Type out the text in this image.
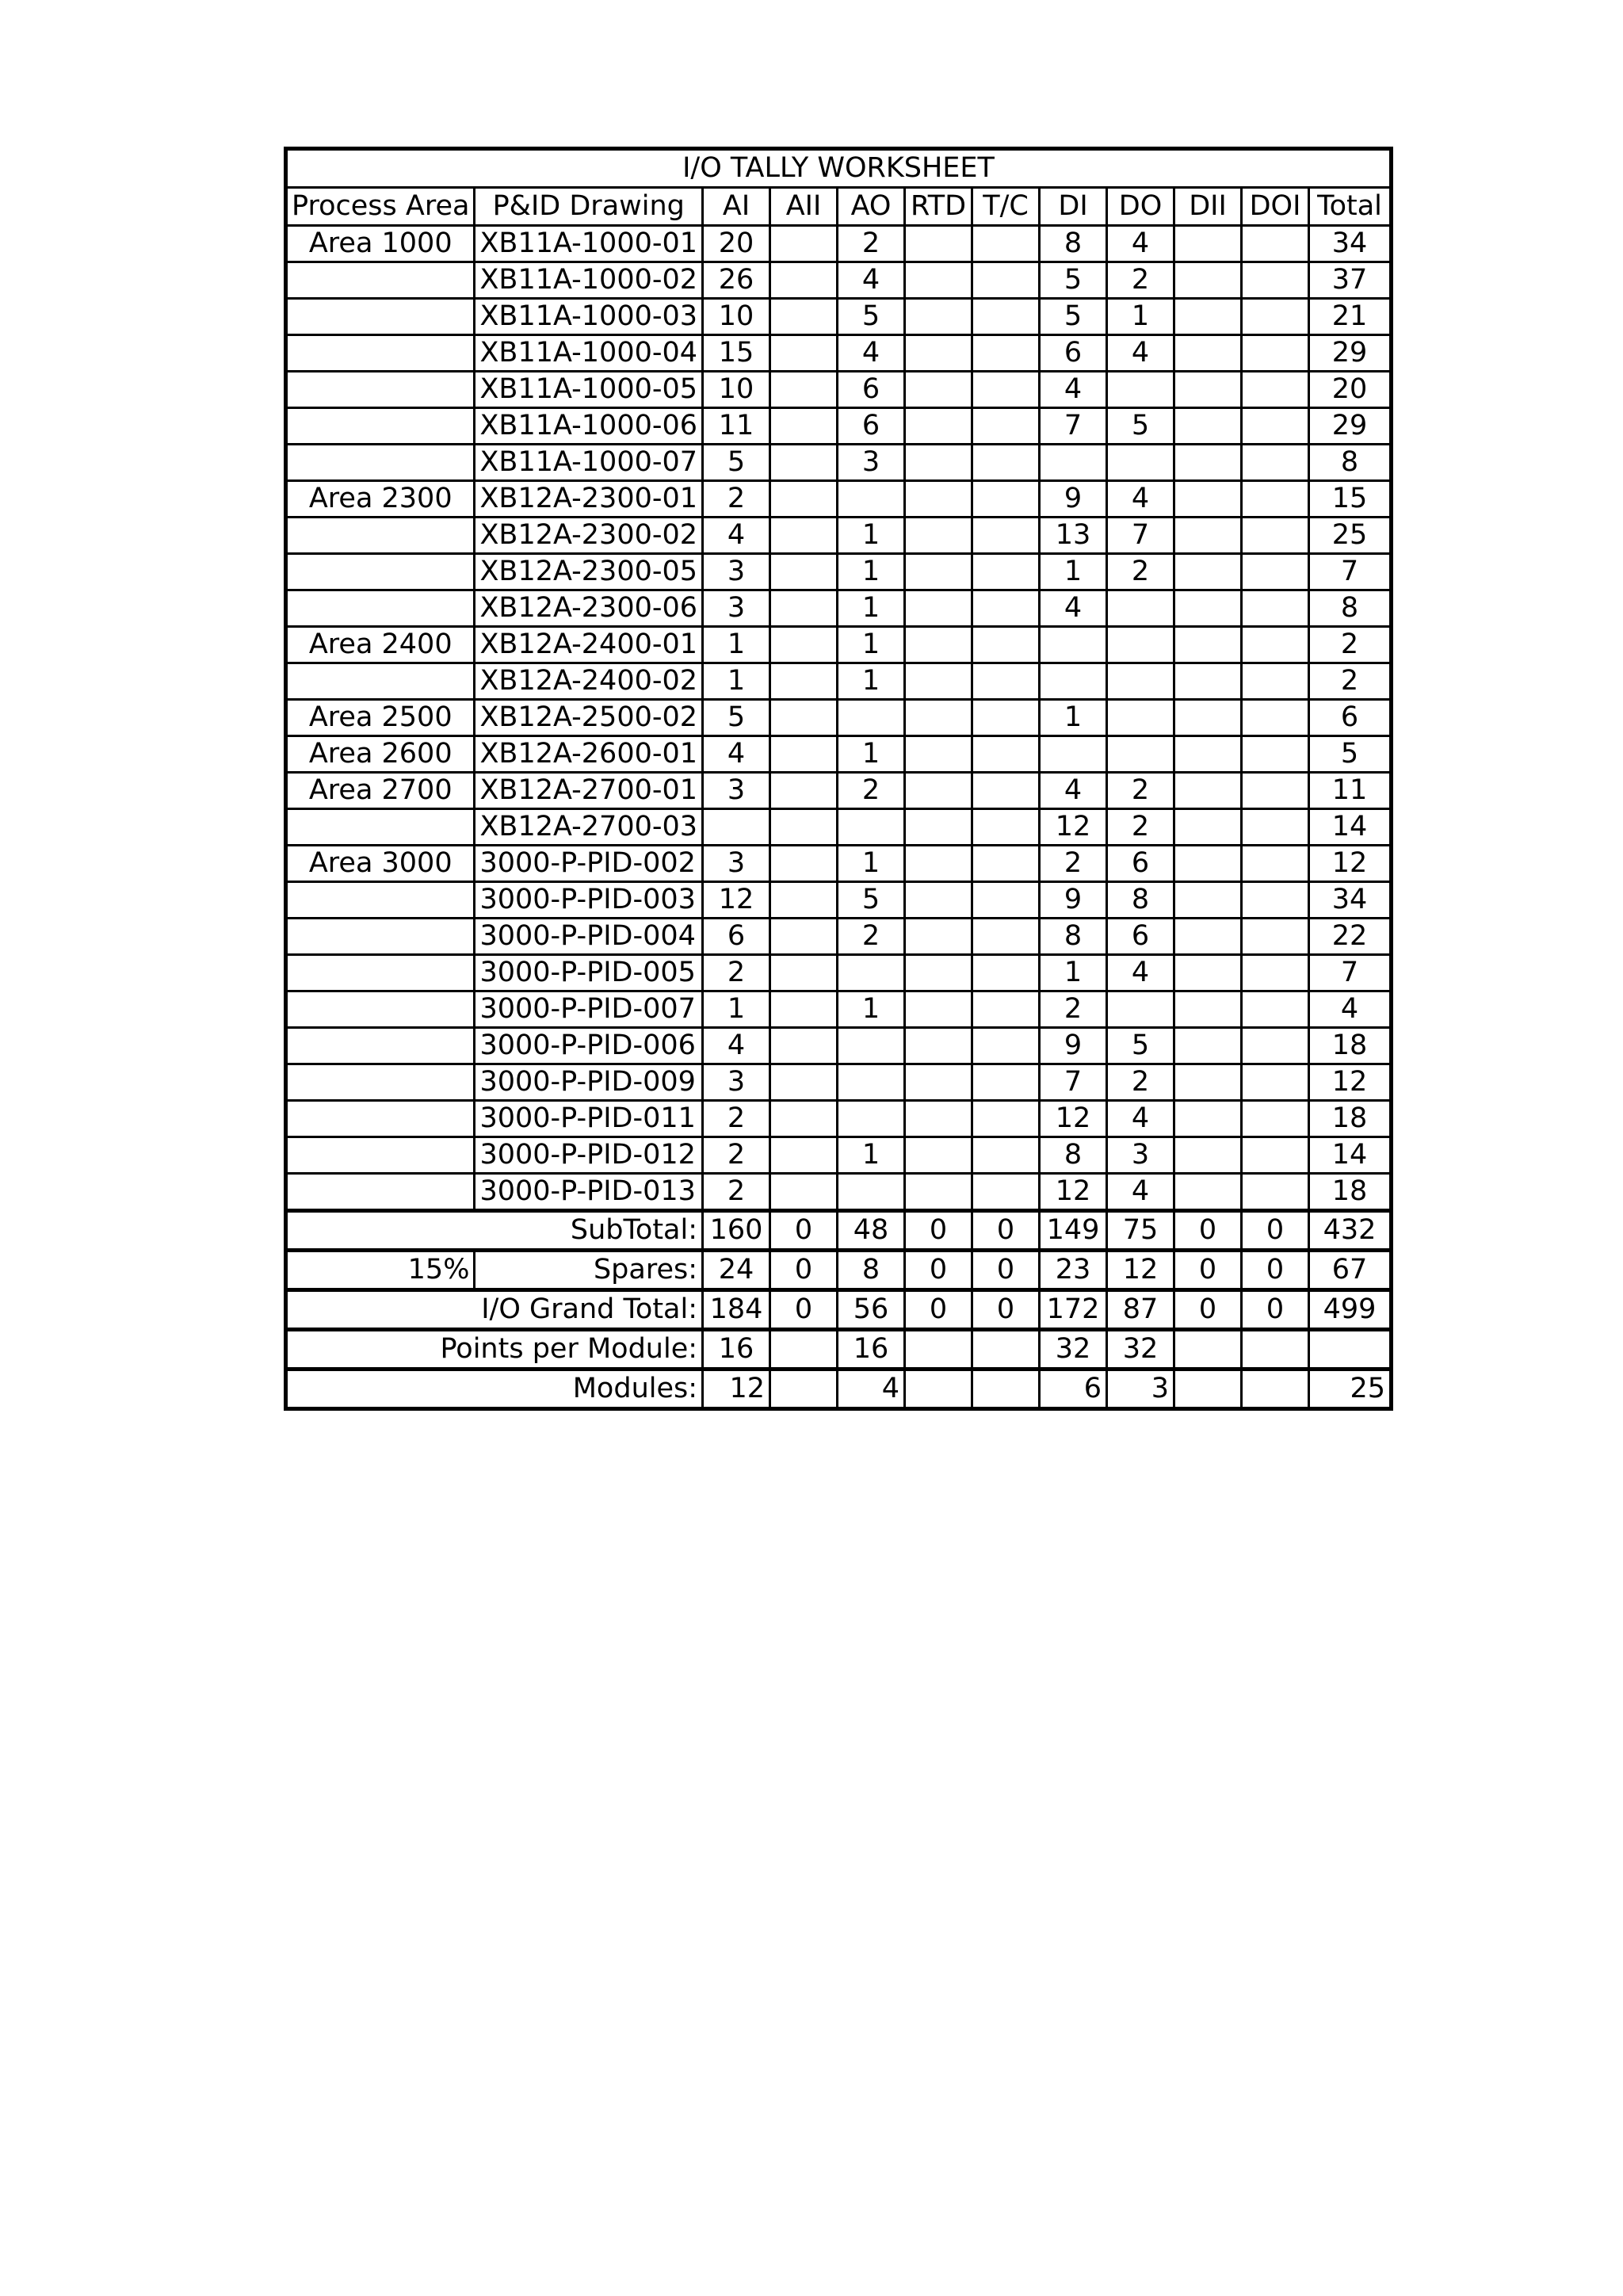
I/O TALLY WORKSHEET											
Process Area	P&ID Drawing	AI	AII	AO	RTD	T/C	DI	DO	DII	DOI	Total
Area 1000	XB11A-1000-01	20		2			8	4			34
	XB11A-1000-02	26		4			5	2			37
	XB11A-1000-03	10		5			5	1			21
	XB11A-1000-04	15		4			6	4			29
	XB11A-1000-05	10		6			4				20
	XB11A-1000-06	11		6			7	5			29
	XB11A-1000-07	5		3							8
Area 2300	XB12A-2300-01	2					9	4			15
	XB12A-2300-02	4		1			13	7			25
	XB12A-2300-05	3		1			1	2			7
	XB12A-2300-06	3		1			4				8
Area 2400	XB12A-2400-01	1		1							2
	XB12A-2400-02	1		1							2
Area 2500	XB12A-2500-02	5					1				6
Area 2600	XB12A-2600-01	4		1							5
Area 2700	XB12A-2700-01	3		2			4	2			11
	XB12A-2700-03						12	2			14
Area 3000	3000-P-PID-002	3		1			2	6			12
	3000-P-PID-003	12		5			9	8			34
	3000-P-PID-004	6		2			8	6			22
	3000-P-PID-005	2					1	4			7
	3000-P-PID-007	1		1			2				4
	3000-P-PID-006	4					9	5			18
	3000-P-PID-009	3					7	2			12
	3000-P-PID-011	2					12	4			18
	3000-P-PID-012	2		1			8	3			14
	3000-P-PID-013	2					12	4			18
SubTotal:		160	0	48	0	0	149	75	0	0	432
15%	Spares:	24	0	8	0	0	23	12	0	0	67
I/O Grand Total:		184	0	56	0	0	172	87	0	0	499
Points per Module:		16		16			32	32			
Modules:		12		4			6	3			25
